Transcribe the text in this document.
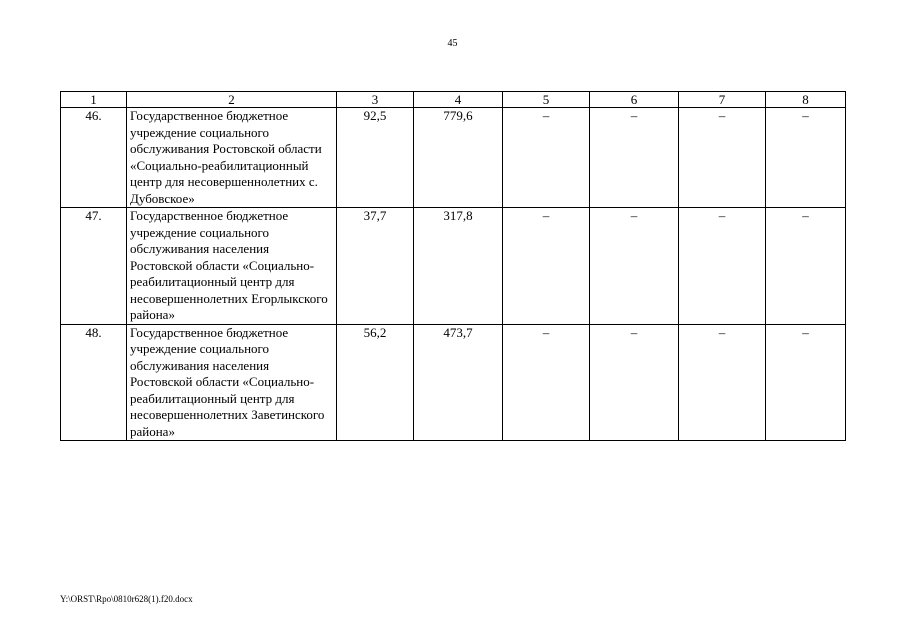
45
1	2	3	4	5	6	7	8
46.	Государственное бюджетное учреждение социального обслуживания Ростовской области «Социально-реабилитационный центр для несовершеннолетних с. Дубовское»	92,5	779,6	–	–	–	–
47.	Государственное бюджетное учреждение социального обслуживания населения Ростовской области «Социально-реабилитационный центр для несовершеннолетних Егорлыкского района»	37,7	317,8	–	–	–	–
48.	Государственное бюджетное учреждение социального обслуживания населения Ростовской области «Социально-реабилитационный центр для несовершеннолетних Заветинского района»	56,2	473,7	–	–	–	–
Y:\ORST\Rpo\0810r628(1).f20.docx
